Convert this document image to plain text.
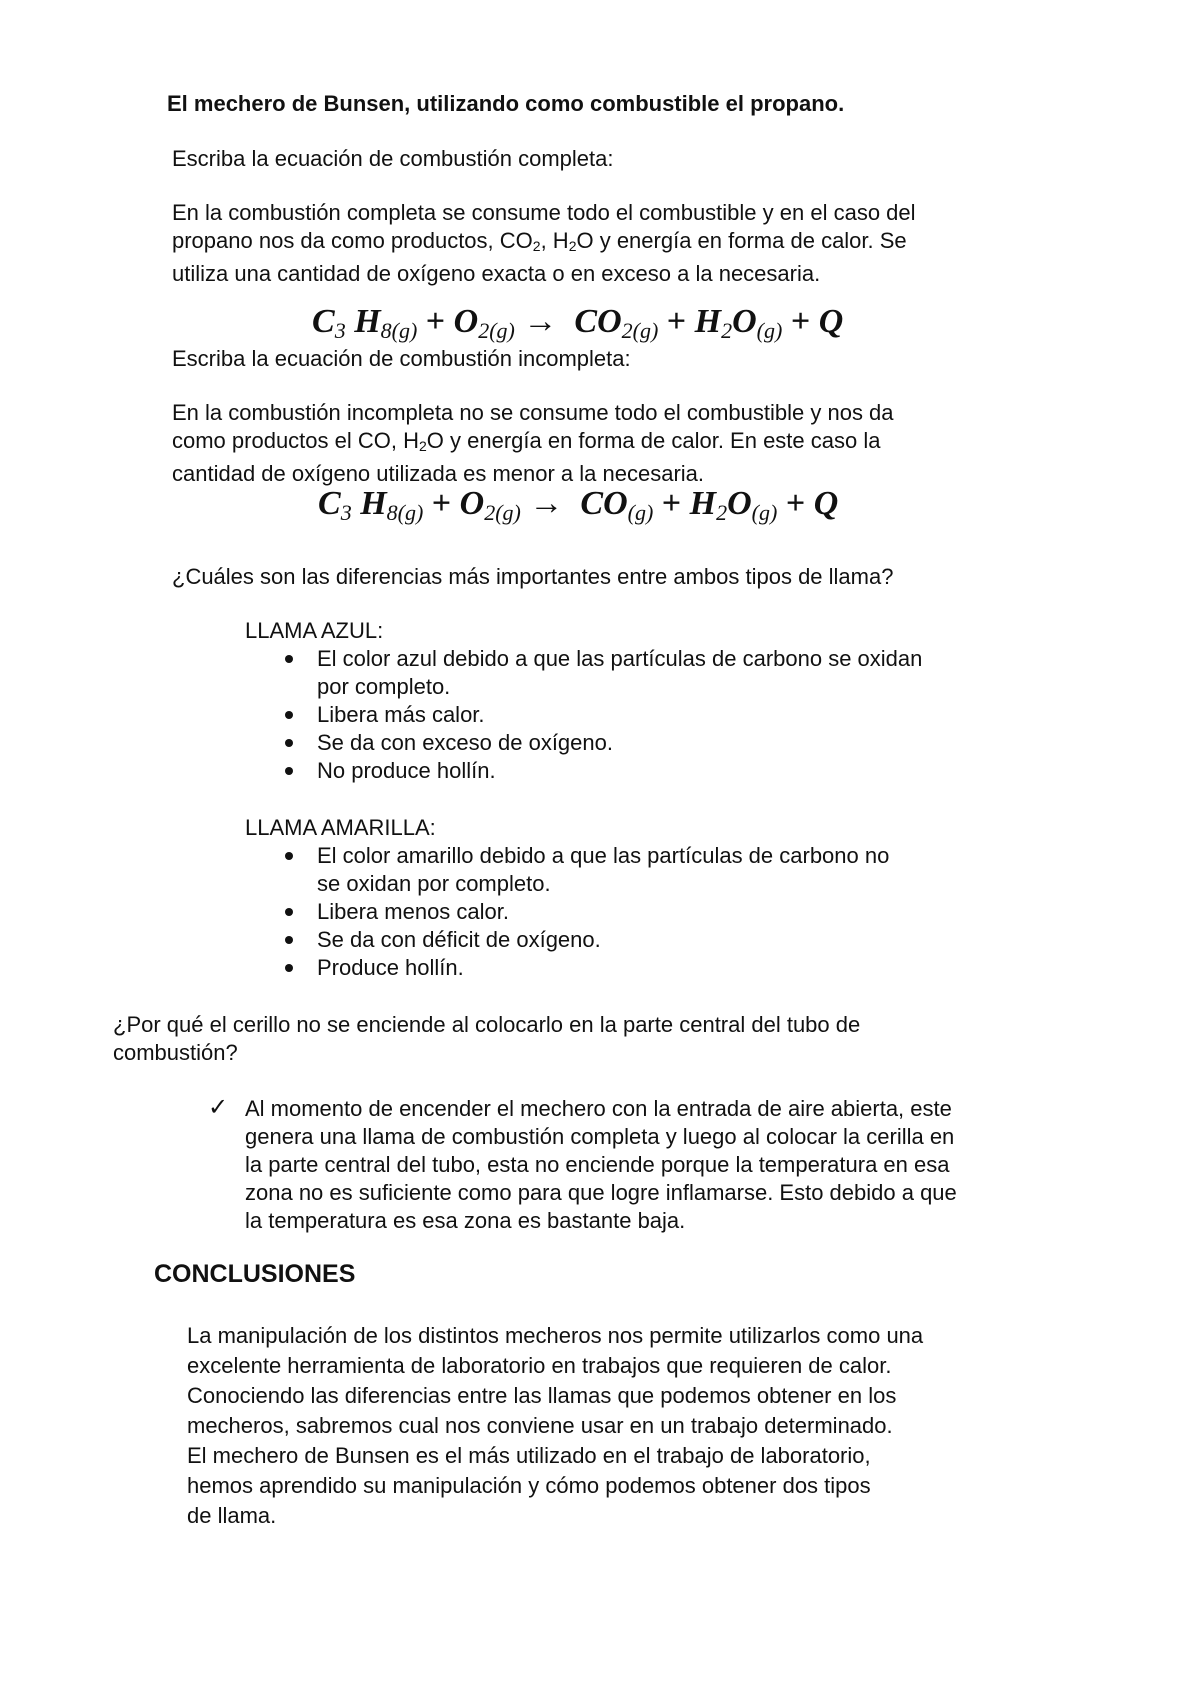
El mechero de Bunsen, utilizando como combustible el propano.
Escriba la ecuación de combustión completa:
En la combustión completa se consume todo el combustible y en el caso del
propano nos da como productos, $CO_2$, $H_2O$ y energía en forma de calor. Se
utiliza una cantidad de oxígeno exacta o en exceso a la necesaria.
$C_3$ $H_{8(g)} + O_{2(g)} \to CO_{2(g)} + H_2O_{(g)} + Q$
Escriba la ecuación de combustión incompleta:
En la combustión incompleta no se consume todo el combustible y nos da
como productos el CO, $H_2O$ y energía en forma de calor. En este caso la
cantidad de oxígeno utilizada es menor a la necesaria.
$C_3$ $H_{8(g)} + O_{2(g)} \to CO_{(g)} + H_2O_{(g)} + Q$
¿Cuáles son las diferencias más importantes entre ambos tipos de llama?
LLAMA AZUL:
El color azul debido a que las partículas de carbono se oxidan
por completo.
Libera más calor.
Se da con exceso de oxígeno.
No produce hollín.
LLAMA AMARILLA:
El color amarillo debido a que las partículas de carbono no
se oxidan por completo.
Libera menos calor.
Se da con déficit de oxígeno.
Produce hollín.
¿Por qué el cerillo no se enciende al colocarlo en la parte central del tubo de
combustión?
✓ Al momento de encender el mechero con la entrada de aire abierta, este
genera una llama de combustión completa y luego al colocar la cerilla en
la parte central del tubo, esta no enciende porque la temperatura en esa
zona no es suficiente como para que logre inflamarse. Esto debido a que
la temperatura es esa zona es bastante baja.
CONCLUSIONES
La manipulación de los distintos mecheros nos permite utilizarlos como una
excelente herramienta de laboratorio en trabajos que requieren de calor.
Conociendo las diferencias entre las llamas que podemos obtener en los
mecheros, sabremos cual nos conviene usar en un trabajo determinado.
El mechero de Bunsen es el más utilizado en el trabajo de laboratorio,
hemos aprendido su manipulación y cómo podemos obtener dos tipos
de llama.
